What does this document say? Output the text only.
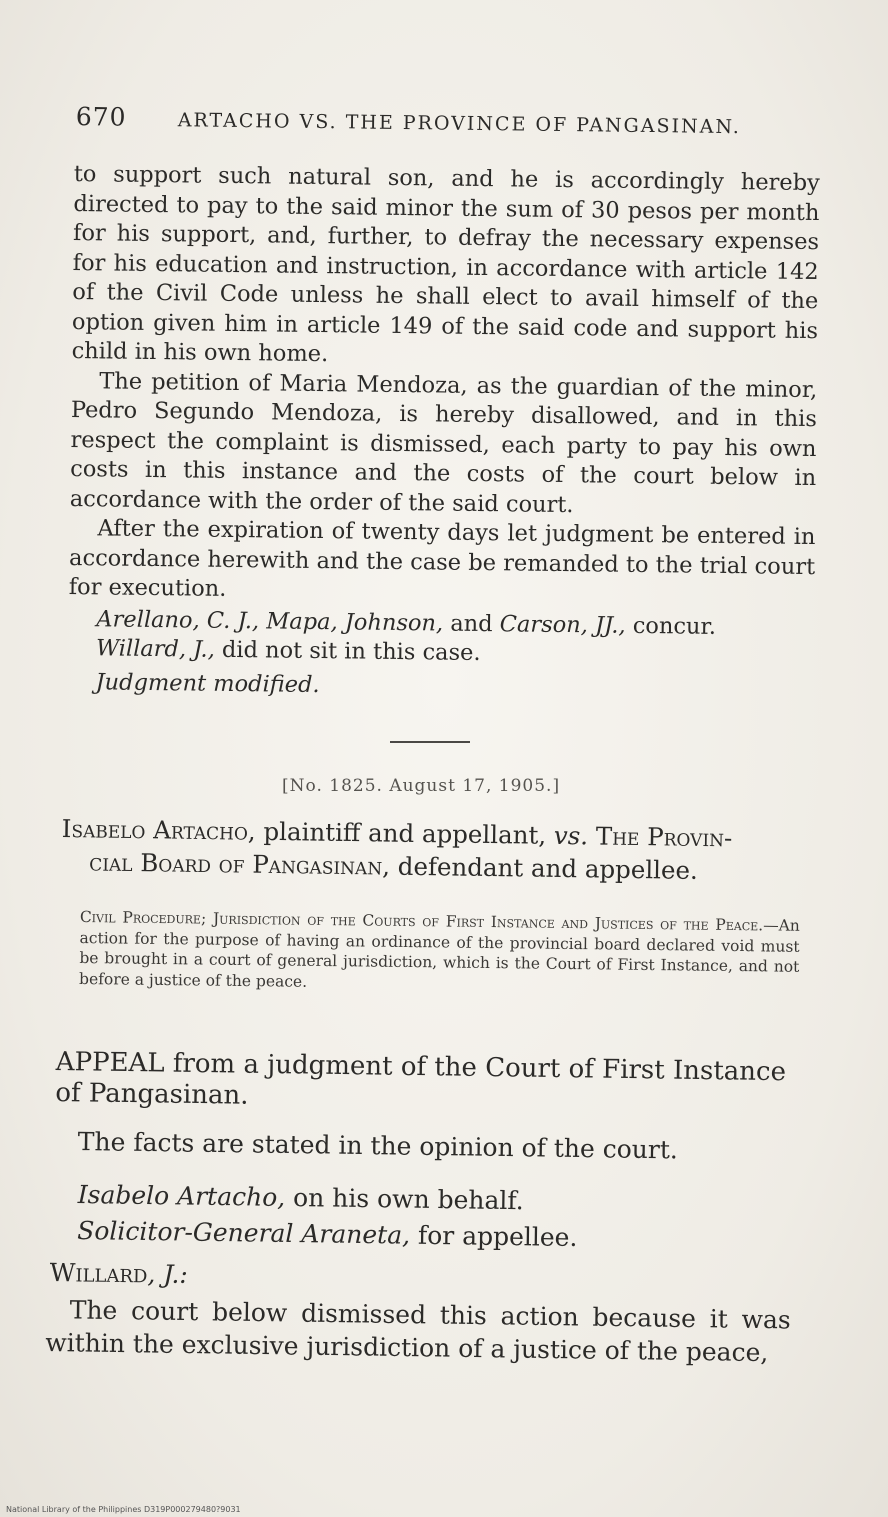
670	ARTACHO VS. THE PROVINCE OF PANGASINAN.

to support such natural son, and he is accordingly hereby directed to pay to the said minor the sum of 30 pesos per month for his support, and, further, to defray the necessary expenses for his education and instruction, in accordance with article 142 of the Civil Code unless he shall elect to avail himself of the option given him in article 149 of the said code and support his child in his own home.

The petition of Maria Mendoza, as the guardian of the minor, Pedro Segundo Mendoza, is hereby disallowed, and in this respect the complaint is dismissed, each party to pay his own costs in this instance and the costs of the court below in accordance with the order of the said court.

After the expiration of twenty days let judgment be entered in accordance herewith and the case be remanded to the trial court for execution.

Arellano, C. J., Mapa, Johnson, and Carson, JJ., concur.

Willard, J., did not sit in this case.

Judgment modified.

[No. 1825. August 17, 1905.]
Isabelo Artacho, plaintiff and appellant, vs. The Provin-
cial Board of Pangasinan, defendant and appellee.
Civil Procedure; Jurisdiction of the Courts of First Instance and Justices of the Peace.—An action for the purpose of having an ordinance of the provincial board declared void must be brought in a court of general jurisdiction, which is the Court of First Instance, and not before a justice of the peace.
APPEAL from a judgment of the Court of First Instance of Pangasinan.
The facts are stated in the opinion of the court.
Isabelo Artacho, on his own behalf.
Solicitor-General Araneta, for appellee.
Willard, J.:
The court below dismissed this action because it was within the exclusive jurisdiction of a justice of the peace,
National Library of the Philippines D319P000279480?9031
